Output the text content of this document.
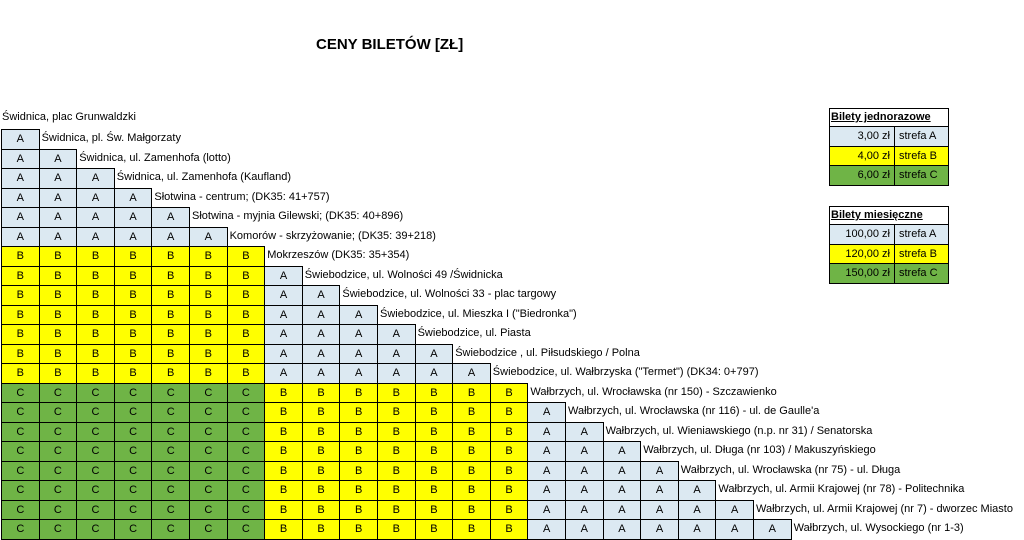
CENY BILETÓW [ZŁ]
Świdnica, plac Grunwaldzki
A	Świdnica, pl. Św. Małgorzaty
A	A	Świdnica, ul. Zamenhofa (lotto)
A	A	A	Świdnica, ul. Zamenhofa (Kaufland)
A	A	A	A	Słotwina - centrum; (DK35: 41+757)
A	A	A	A	A	Słotwina - myjnia Gilewski; (DK35: 40+896)
A	A	A	A	A	A	Komorów - skrzyżowanie; (DK35: 39+218)
B	B	B	B	B	B	B	Mokrzeszów (DK35: 35+354)
B	B	B	B	B	B	B	A	Świebodzice, ul. Wolności 49 /Świdnicka
B	B	B	B	B	B	B	A	A	Świebodzice, ul. Wolności 33 - plac targowy
B	B	B	B	B	B	B	A	A	A	Świebodzice, ul. Mieszka I ("Biedronka")
B	B	B	B	B	B	B	A	A	A	A	Świebodzice, ul. Piasta
B	B	B	B	B	B	B	A	A	A	A	A	Świebodzice , ul. Piłsudskiego / Polna
B	B	B	B	B	B	B	A	A	A	A	A	A	Świebodzice, ul. Wałbrzyska ("Termet") (DK34: 0+797)
C	C	C	C	C	C	C	B	B	B	B	B	B	B	Wałbrzych, ul. Wrocławska (nr 150) - Szczawienko
C	C	C	C	C	C	C	B	B	B	B	B	B	B	A	Wałbrzych, ul. Wrocławska (nr 116) - ul. de Gaulle'a
C	C	C	C	C	C	C	B	B	B	B	B	B	B	A	A	Wałbrzych, ul. Wieniawskiego (n.p. nr 31) / Senatorska
C	C	C	C	C	C	C	B	B	B	B	B	B	B	A	A	A	Wałbrzych, ul. Długa (nr 103) / Makuszyńskiego
C	C	C	C	C	C	C	B	B	B	B	B	B	B	A	A	A	A	Wałbrzych, ul. Wrocławska (nr 75) - ul. Długa
C	C	C	C	C	C	C	B	B	B	B	B	B	B	A	A	A	A	A	Wałbrzych, ul. Armii Krajowej (nr 78) - Politechnika
C	C	C	C	C	C	C	B	B	B	B	B	B	B	A	A	A	A	A	A	Wałbrzych, ul. Armii Krajowej (nr 7) - dworzec Miasto
C	C	C	C	C	C	C	B	B	B	B	B	B	B	A	A	A	A	A	A	A	Wałbrzych, ul. Wysockiego (nr 1-3)
Bilety jednorazowe
3,00 zł strefa A
4,00 zł strefa B
6,00 zł strefa C
Bilety miesięczne
100,00 zł strefa A
120,00 zł strefa B
150,00 zł strefa C
